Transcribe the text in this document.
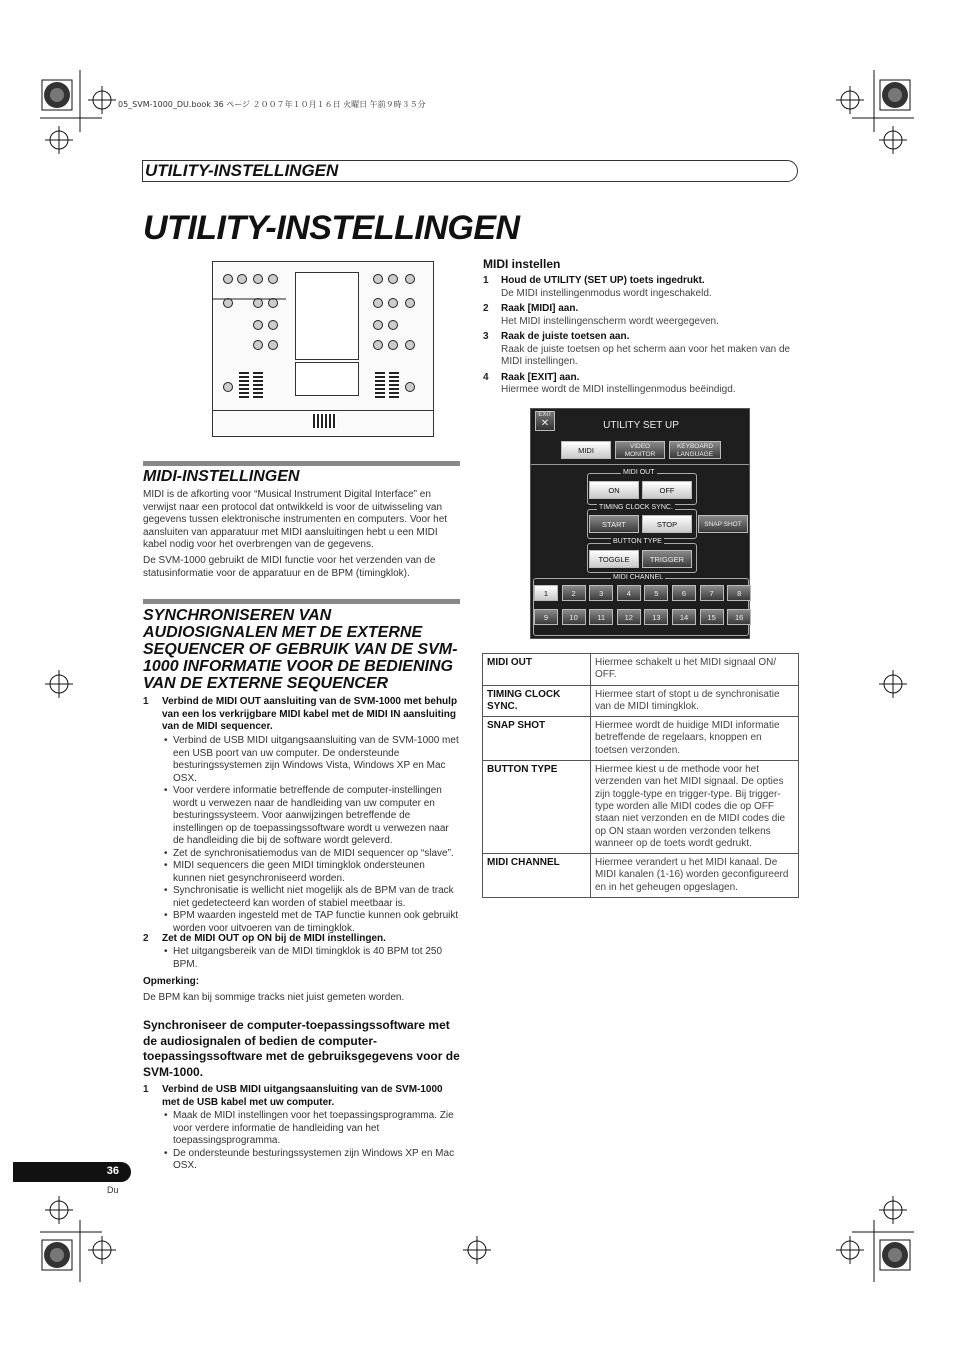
05_SVM-1000_DU.book 36 ページ ２００７年１０月１６日 火曜日 午前９時３５分
UTILITY-INSTELLINGEN
UTILITY-INSTELLINGEN
MIDI-INSTELLINGEN
MIDI is de afkorting voor “Musical Instrument Digital Interface” en verwijst naar een protocol dat ontwikkeld is voor de uitwisseling van gegevens tussen elektronische instrumenten en computers. Voor het aansluiten van apparatuur met MIDI aansluitingen hebt u een MIDI kabel nodig voor het overbrengen van de gegevens.
De SVM-1000 gebruikt de MIDI functie voor het verzenden van de statusinformatie voor de apparatuur en de BPM (timingklok).
SYNCHRONISEREN VAN AUDIOSIGNALEN MET DE EXTERNE SEQUENCER OF GEBRUIK VAN DE SVM-1000 INFORMATIE VOOR DE BEDIENING VAN DE EXTERNE SEQUENCER
1 Verbind de MIDI OUT aansluiting van de SVM-1000 met behulp van een los verkrijgbare MIDI kabel met de MIDI IN aansluiting van de MIDI sequencer.
• Verbind de USB MIDI uitgangsaansluiting van de SVM-1000 met een USB poort van uw computer. De ondersteunde besturingssystemen zijn Windows Vista, Windows XP en Mac OSX.
• Voor verdere informatie betreffende de computer-instellingen wordt u verwezen naar de handleiding van uw computer en besturingssysteem. Voor aanwijzingen betreffende de instellingen op de toepassingssoftware wordt u verwezen naar de handleiding die bij de software wordt geleverd.
• Zet de synchronisatiemodus van de MIDI sequencer op “slave”.
• MIDI sequencers die geen MIDI timingklok ondersteunen kunnen niet gesynchroniseerd worden.
• Synchronisatie is wellicht niet mogelijk als de BPM van de track niet gedetecteerd kan worden of stabiel meetbaar is.
• BPM waarden ingesteld met de TAP functie kunnen ook gebruikt worden voor uitvoeren van de timingklok.
2 Zet de MIDI OUT op ON bij de MIDI instellingen.
• Het uitgangsbereik van de MIDI timingklok is 40 BPM tot 250 BPM.
Opmerking:
De BPM kan bij sommige tracks niet juist gemeten worden.
Synchroniseer de computer-toepassingssoftware met de audiosignalen of bedien de computer-toepassingssoftware met de gebruiksgegevens voor de SVM-1000.
1 Verbind de USB MIDI uitgangsaansluiting van de SVM-1000 met de USB kabel met uw computer.
• Maak de MIDI instellingen voor het toepassingsprogramma. Zie voor verdere informatie de handleiding van het toepassingsprogramma.
• De ondersteunde besturingssystemen zijn Windows XP en Mac OSX.
MIDI instellen
1 Houd de UTILITY (SET UP) toets ingedrukt.
De MIDI instellingenmodus wordt ingeschakeld.
2 Raak [MIDI] aan.
Het MIDI instellingenscherm wordt weergegeven.
3 Raak de juiste toetsen aan.
Raak de juiste toetsen op het scherm aan voor het maken van de MIDI instellingen.
4 Raak [EXIT] aan.
Hiermee wordt de MIDI instellingenmodus beëindigd.
EXIT
✕	UTILITY SET UP
MIDI	VIDEO
MONITOR
KEYBOARD
LANGUAGE
MIDI OUT
ON	OFF
TIMING CLOCK SYNC.
START	STOP	SNAP SHOT
BUTTON TYPE
TOGGLE	TRIGGER
MIDI CHANNEL
1	2	3	4	5	6	7	8
9	10	11	12	13	14	15	16
MIDI OUT	Hiermee schakelt u het MIDI signaal ON/ OFF.
TIMING CLOCK SYNC.	Hiermee start of stopt u de synchronisatie van de MIDI timingklok.
SNAP SHOT	Hiermee wordt de huidige MIDI informatie betreffende de regelaars, knoppen en toetsen verzonden.
BUTTON TYPE	Hiermee kiest u de methode voor het verzenden van het MIDI signaal. De opties zijn toggle-type en trigger-type. Bij trigger-type worden alle MIDI codes die op OFF staan niet verzonden en de MIDI codes die op ON staan worden verzonden telkens wanneer op de toets wordt gedrukt.
MIDI CHANNEL	Hiermee verandert u het MIDI kanaal. De MIDI kanalen (1-16) worden geconfigureerd en in het geheugen opgeslagen.
36
Du
